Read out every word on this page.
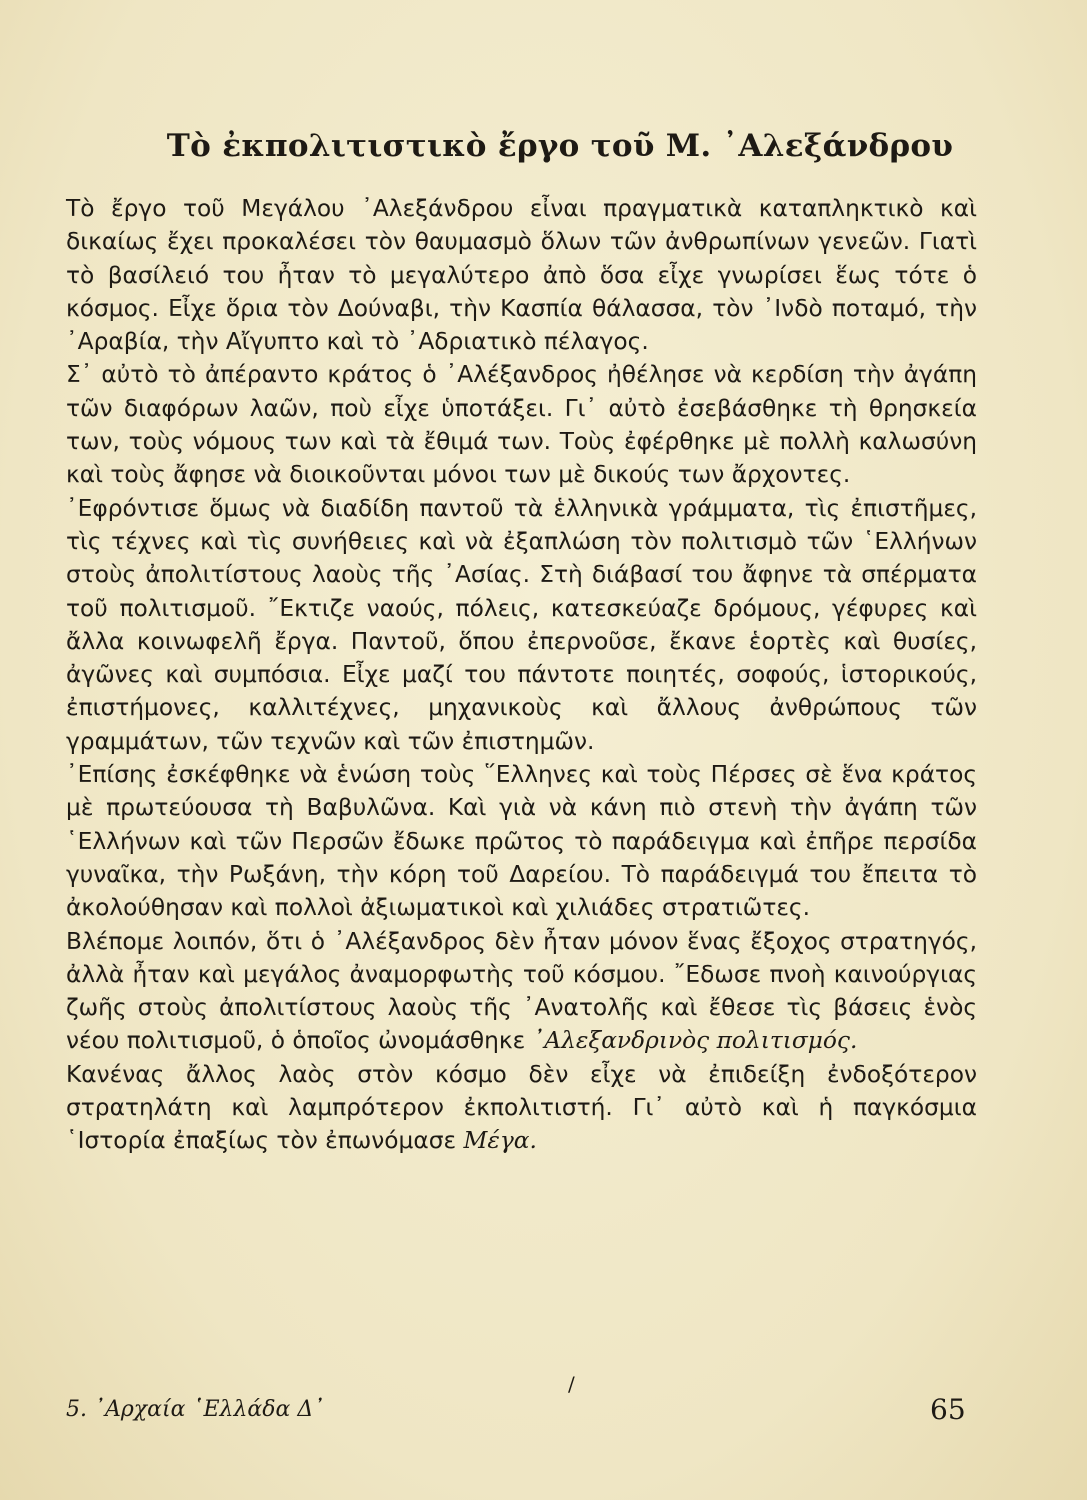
Τὸ ἐκπολιτιστικὸ ἔργο τοῦ Μ. ᾽Αλεξάνδρου

Τὸ ἔργο τοῦ Μεγάλου ᾽Αλεξάνδρου εἶναι πραγματικὰ καταπληκτικὸ καὶ δικαίως ἔχει προκαλέσει τὸν θαυμασμὸ ὅλων τῶν ἀνθρωπίνων γενεῶν. Γιατὶ τὸ βασίλειό του ἦταν τὸ μεγαλύτερο ἀπὸ ὅσα εἶχε γνωρίσει ἕως τότε ὁ κόσμος. Εἶχε ὅρια τὸν Δούναβι, τὴν Κασπία θάλασσα, τὸν ᾽Ινδὸ ποταμό, τὴν ᾽Αραβία, τὴν Αἴγυπτο καὶ τὸ ᾽Αδριατικὸ πέλαγος.

Σ᾽ αὐτὸ τὸ ἀπέραντο κράτος ὁ ᾽Αλέξανδρος ἠθέλησε νὰ κερδίση τὴν ἀγάπη τῶν διαφόρων λαῶν, ποὺ εἶχε ὑποτάξει. Γι᾽ αὐτὸ ἐσεβάσθηκε τὴ θρησκεία των, τοὺς νόμους των καὶ τὰ ἔθιμά των. Τοὺς ἐφέρθηκε μὲ πολλὴ καλωσύνη καὶ τοὺς ἄφησε νὰ διοικοῦνται μόνοι των μὲ δικούς των ἄρχοντες.

᾽Εφρόντισε ὅμως νὰ διαδίδη παντοῦ τὰ ἑλληνικὰ γράμματα, τὶς ἐπιστῆμες, τὶς τέχνες καὶ τὶς συνήθειες καὶ νὰ ἐξαπλώση τὸν πολιτισμὸ τῶν ῾Ελλήνων στοὺς ἀπολιτίστους λαοὺς τῆς ᾽Ασίας. Στὴ διάβασί του ἄφηνε τὰ σπέρματα τοῦ πολιτισμοῦ. ῎Εκτιζε ναούς, πόλεις, κατεσκεύαζε δρόμους, γέφυρες καὶ ἄλλα κοινωφελῆ ἔργα. Παντοῦ, ὅπου ἐπερνοῦσε, ἔκανε ἑορτὲς καὶ θυσίες, ἀγῶνες καὶ συμπόσια. Εἶχε μαζί του πάντοτε ποιητές, σοφούς, ἱστορικούς, ἐπιστήμονες, καλλιτέχνες, μηχανικοὺς καὶ ἄλλους ἀνθρώπους τῶν γραμμάτων, τῶν τεχνῶν καὶ τῶν ἐπιστημῶν.

᾽Επίσης ἐσκέφθηκε νὰ ἑνώση τοὺς ῞Ελληνες καὶ τοὺς Πέρσες σὲ ἕνα κράτος μὲ πρωτεύουσα τὴ Βαβυλῶνα. Καὶ γιὰ νὰ κάνη πιὸ στενὴ τὴν ἀγάπη τῶν ῾Ελλήνων καὶ τῶν Περσῶν ἔδωκε πρῶτος τὸ παράδειγμα καὶ ἐπῆρε περσίδα γυναῖκα, τὴν Ρωξάνη, τὴν κόρη τοῦ Δαρείου. Τὸ παράδειγμά του ἔπειτα τὸ ἀκολούθησαν καὶ πολλοὶ ἀξιωματικοὶ καὶ χιλιάδες στρατιῶτες.

Βλέπομε λοιπόν, ὅτι ὁ ᾽Αλέξανδρος δὲν ἦταν μόνον ἕνας ἔξοχος στρατηγός, ἀλλὰ ἦταν καὶ μεγάλος ἀναμορφωτὴς τοῦ κόσμου. ῎Εδωσε πνοὴ καινούργιας ζωῆς στοὺς ἀπολιτίστους λαοὺς τῆς ᾽Ανατολῆς καὶ ἔθεσε τὶς βάσεις ἑνὸς νέου πολιτισμοῦ, ὁ ὁποῖος ὠνομάσθηκε ᾽Αλεξανδρινὸς πολιτισμός.

Κανένας ἄλλος λαὸς στὸν κόσμο δὲν εἶχε νὰ ἐπιδείξη ἐνδοξότερον στρατηλάτη καὶ λαμπρότερον ἐκπολιτιστή. Γι᾽ αὐτὸ καὶ ἡ παγκόσμια ῾Ιστορία ἐπαξίως τὸν ἐπωνόμασε Μέγα.

/
5. ᾽Αρχαία ῾Ελλάδα Δ᾽	65
